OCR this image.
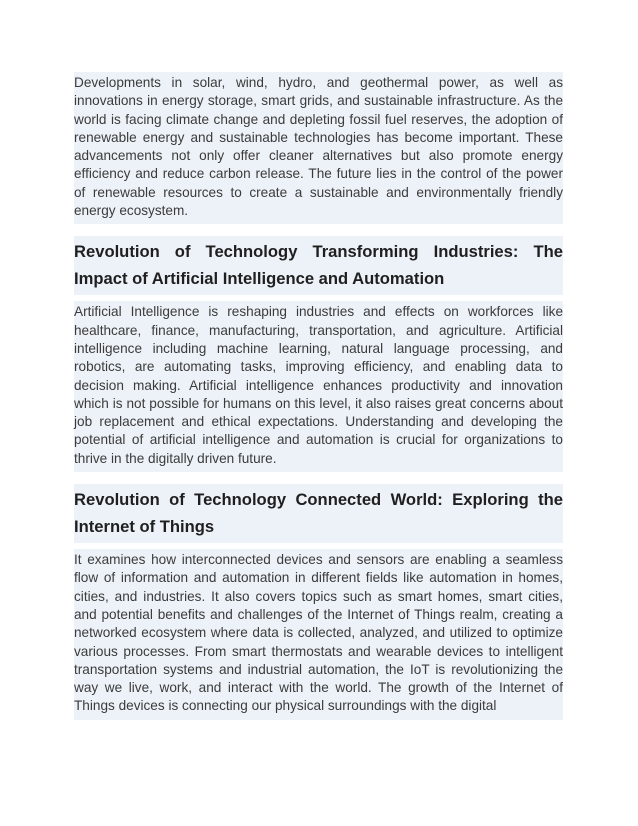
Developments in solar, wind, hydro, and geothermal power, as well as innovations in energy storage, smart grids, and sustainable infrastructure. As the world is facing climate change and depleting fossil fuel reserves, the adoption of renewable energy and sustainable technologies has become important. These advancements not only offer cleaner alternatives but also promote energy efficiency and reduce carbon release. The future lies in the control of the power of renewable resources to create a sustainable and environmentally friendly energy ecosystem.

Revolution of Technology Transforming Industries: The Impact of Artificial Intelligence and Automation

Artificial Intelligence is reshaping industries and effects on workforces like healthcare, finance, manufacturing, transportation, and agriculture. Artificial intelligence including machine learning, natural language processing, and robotics, are automating tasks, improving efficiency, and enabling data to decision making. Artificial intelligence enhances productivity and innovation which is not possible for humans on this level, it also raises great concerns about job replacement and ethical expectations. Understanding and developing the potential of artificial intelligence and automation is crucial for organizations to thrive in the digitally driven future.

Revolution of Technology Connected World: Exploring the Internet of Things

It examines how interconnected devices and sensors are enabling a seamless flow of information and automation in different fields like automation in homes, cities, and industries. It also covers topics such as smart homes, smart cities, and potential benefits and challenges of the Internet of Things realm, creating a networked ecosystem where data is collected, analyzed, and utilized to optimize various processes. From smart thermostats and wearable devices to intelligent transportation systems and industrial automation, the IoT is revolutionizing the way we live, work, and interact with the world. The growth of the Internet of Things devices is connecting our physical surroundings with the digital
